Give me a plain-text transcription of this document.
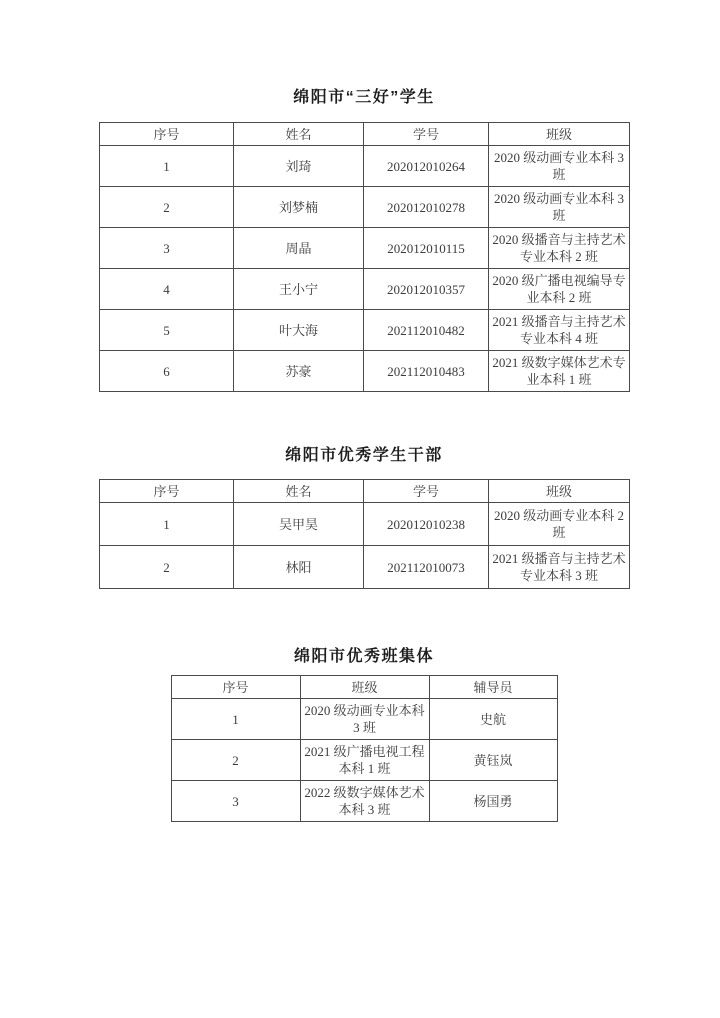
绵阳市“三好”学生
序号	姓名	学号	班级
1	刘琦	202012010264	2020 级动画专业本科 3 班
2	刘梦楠	202012010278	2020 级动画专业本科 3 班
3	周晶	202012010115	2020 级播音与主持艺术专业本科 2 班
4	王小宁	202012010357	2020 级广播电视编导专业本科 2 班
5	叶大海	202112010482	2021 级播音与主持艺术专业本科 4 班
6	苏豪	202112010483	2021 级数字媒体艺术专业本科 1 班
绵阳市优秀学生干部
序号	姓名	学号	班级
1	吴甲昊	202012010238	2020 级动画专业本科 2 班
2	林阳	202112010073	2021 级播音与主持艺术专业本科 3 班
绵阳市优秀班集体
序号	班级	辅导员
1	2020 级动画专业本科 3 班	史航
2	2021 级广播电视工程本科 1 班	黄钰岚
3	2022 级数字媒体艺术本科 3 班	杨国勇
